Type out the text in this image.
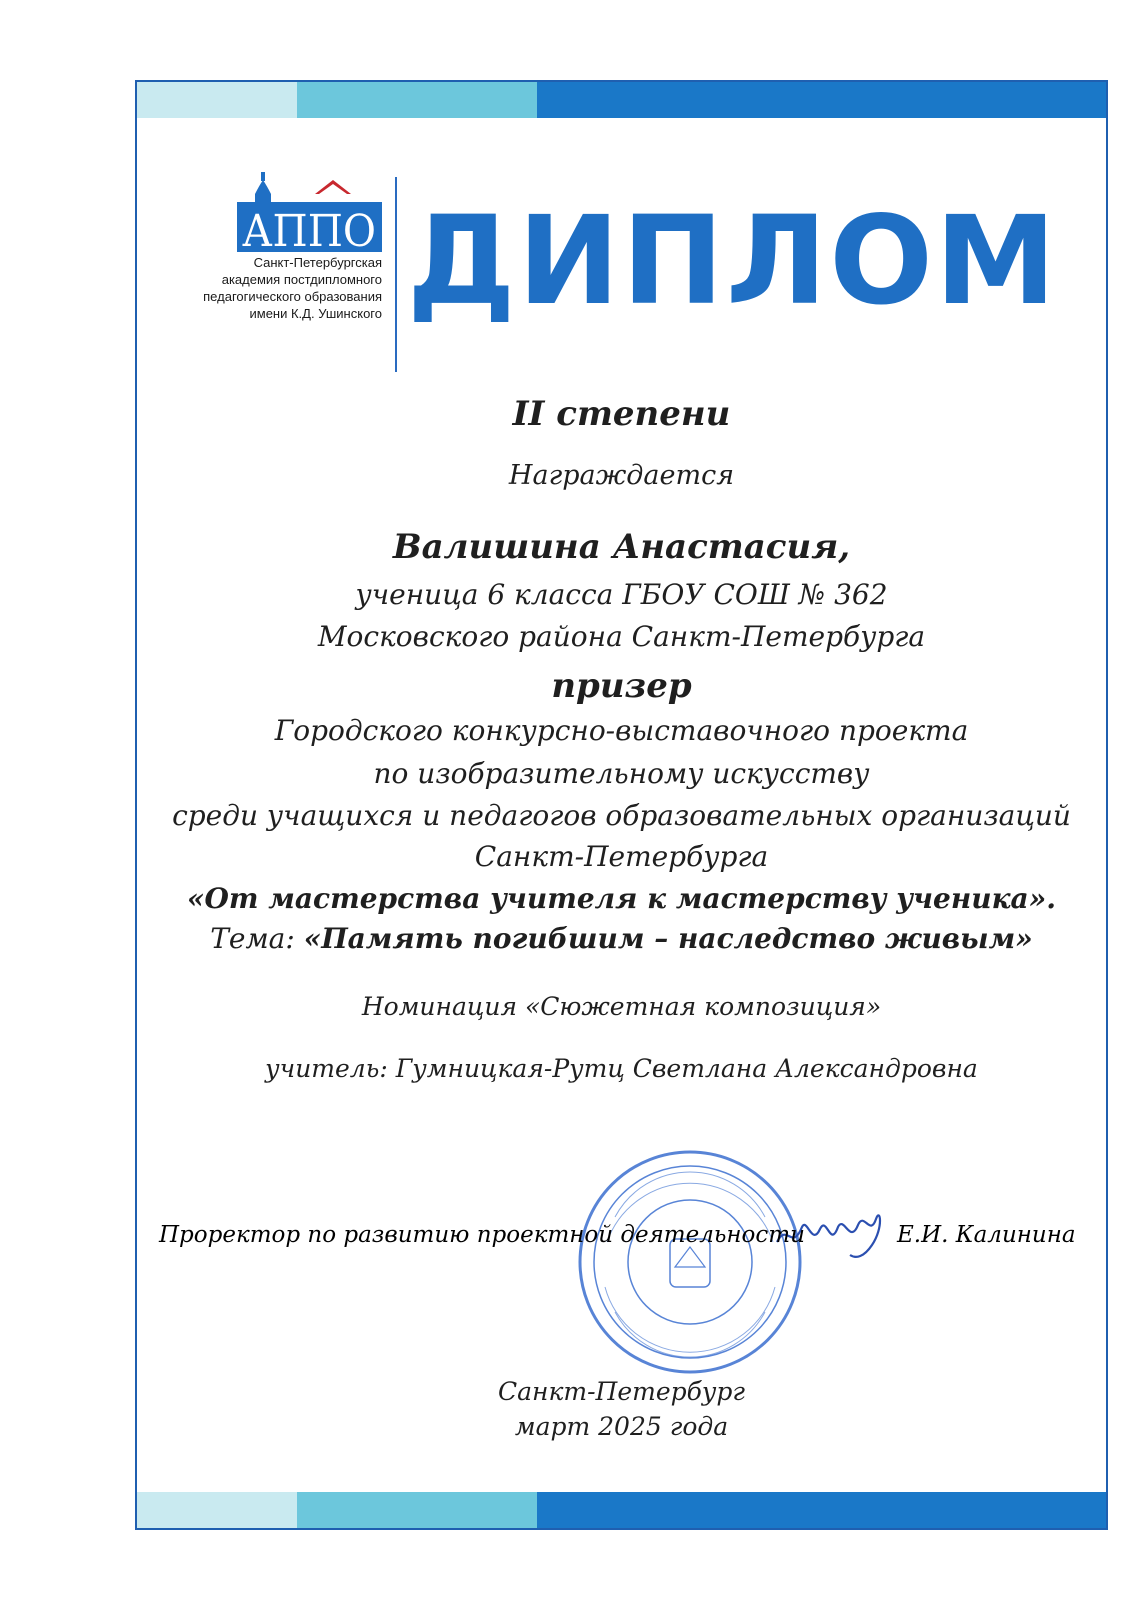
АППО
Санкт-Петербургская
академия постдипломного
педагогического образования
имени К.Д. Ушинского ДИПЛОМ
II степени
Награждается
Валишина Анастасия,
ученица 6 класса ГБОУ СОШ № 362
Московского района Санкт-Петербурга
призер
Городского конкурсно-выставочного проекта
по изобразительному искусству
среди учащихся и педагогов образовательных организаций
Санкт-Петербурга
«От мастерства учителя к мастерству ученика».
Тема: «Память погибшим – наследство живым»
Номинация «Сюжетная композиция»
учитель: Гумницкая-Рутц Светлана Александровна
Санкт-Петербург
март 2025 года
Проректор по развитию проектной деятельности	Е.И. Калинина
